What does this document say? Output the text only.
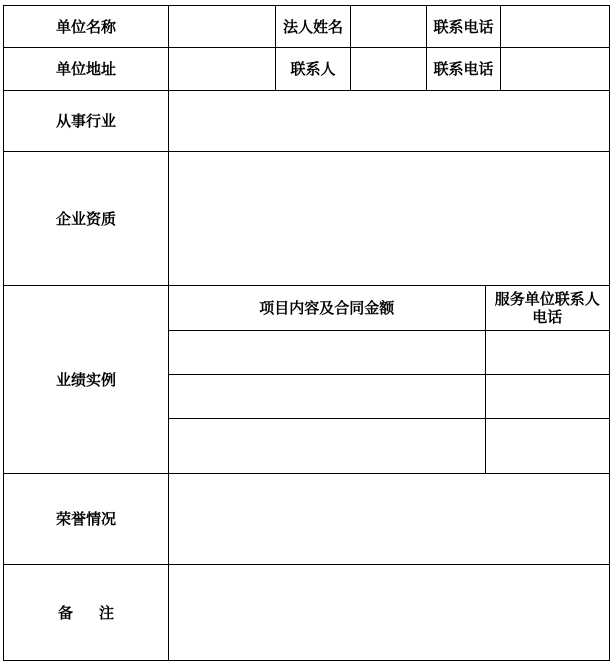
单位名称		法人姓名		联系电话	
单位地址		联系人		联系电话	
从事行业	
企业资质	
业绩实例	
项目内容及合同金额	服务单位联系人电话

荣誉情况	
备注	
